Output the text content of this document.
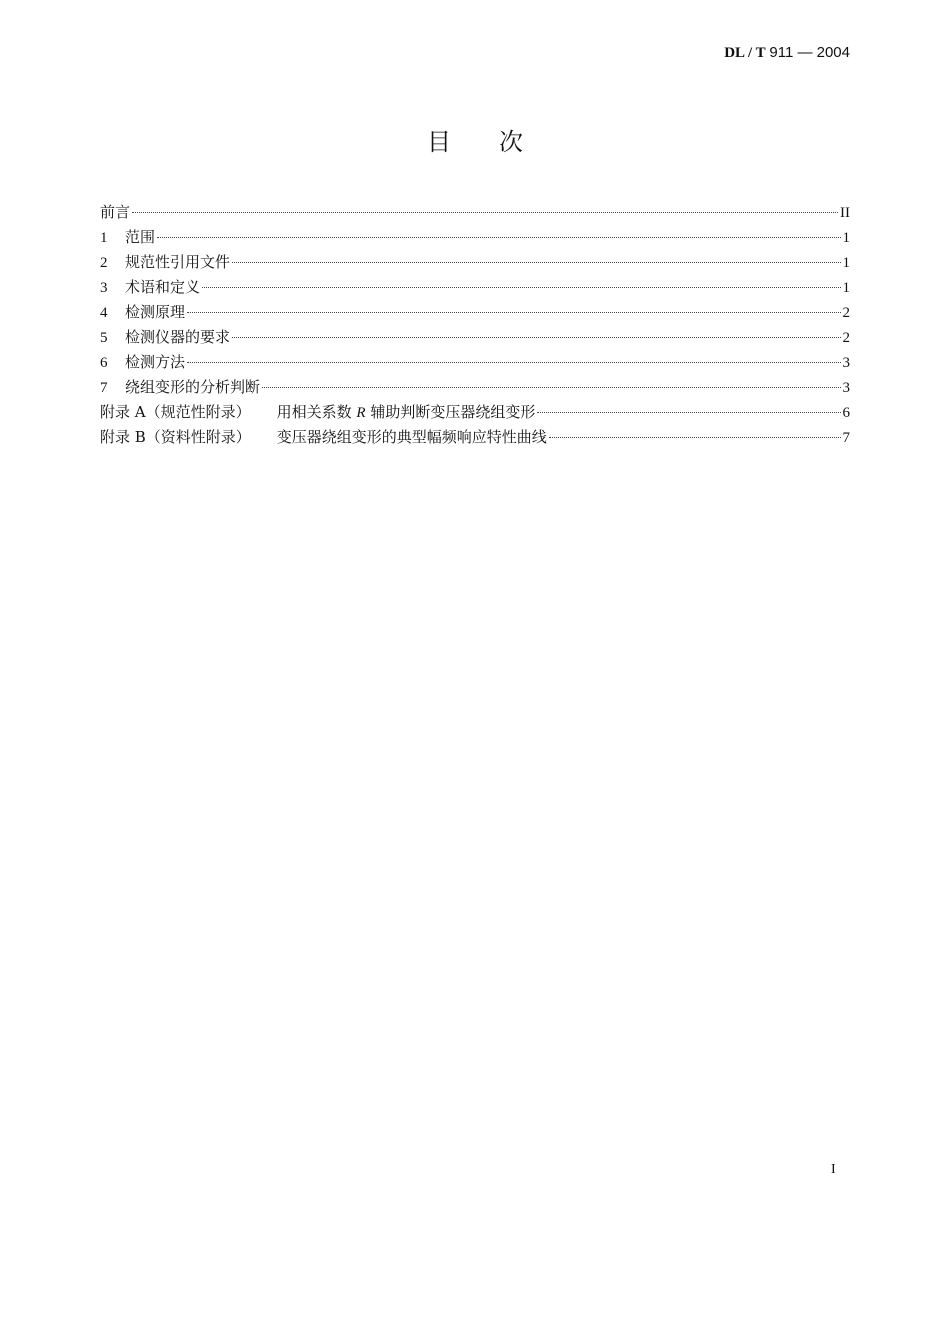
DL / T 911 — 2004
目次
前言	II
1 范围	1
2 规范性引用文件	1
3 术语和定义	1
4 检测原理	2
5 检测仪器的要求	2
6 检测方法	3
7 绕组变形的分析判断	3
附录 A（规范性附录） 用相关系数 R 辅助判断变压器绕组变形	6
附录 B（资料性附录） 变压器绕组变形的典型幅频响应特性曲线	7
I
